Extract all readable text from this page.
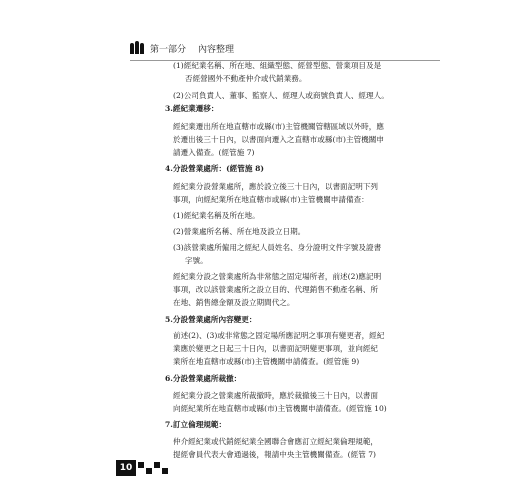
第一部分 內容整理
(1)經紀業名稱、所在地、組織型態、經營型態、營業項目及是
否經營國外不動產仲介或代銷業務。
(2)公司負責人、董事、監察人、經理人或商號負責人、經理人。
3.經紀業遷移：
經紀業遷出所在地直轄市或縣(市)主管機關管轄區域以外時，應
於遷出後三十日內，以書面向遷入之直轄市或縣(市)主管機關申
請遷入備查。(經管施 7)
4.分設營業處所：(經管施 8)
經紀業分設營業處所，應於設立後三十日內，以書面記明下列
事項，向經紀業所在地直轄市或縣(市)主管機關申請備查：
(1)經紀業名稱及所在地。
(2)營業處所名稱、所在地及設立日期。
(3)該營業處所僱用之經紀人員姓名、身分證明文件字號及證書
字號。
經紀業分設之營業處所為非常態之固定場所者，前述(2)應記明
事項，改以該營業處所之設立目的、代理銷售不動產名稱、所
在地、銷售總金額及設立期間代之。
5.分設營業處所內容變更：
前述(2)、(3)或非常態之固定場所應記明之事項有變更者，經紀
業應於變更之日起三十日內，以書面記明變更事項，並向經紀
業所在地直轄市或縣(市)主管機關申請備查。(經管施 9)
6.分設營業處所裁撤：
經紀業分設之營業處所裁撤時，應於裁撤後三十日內，以書面
向經紀業所在地直轄市或縣(市)主管機關申請備查。(經管施 10)
7.訂立倫理規範：
仲介經紀業或代銷經紀業全國聯合會應訂立經紀業倫理規範，
提經會員代表大會通過後，報請中央主管機關備查。(經管 7)
10
